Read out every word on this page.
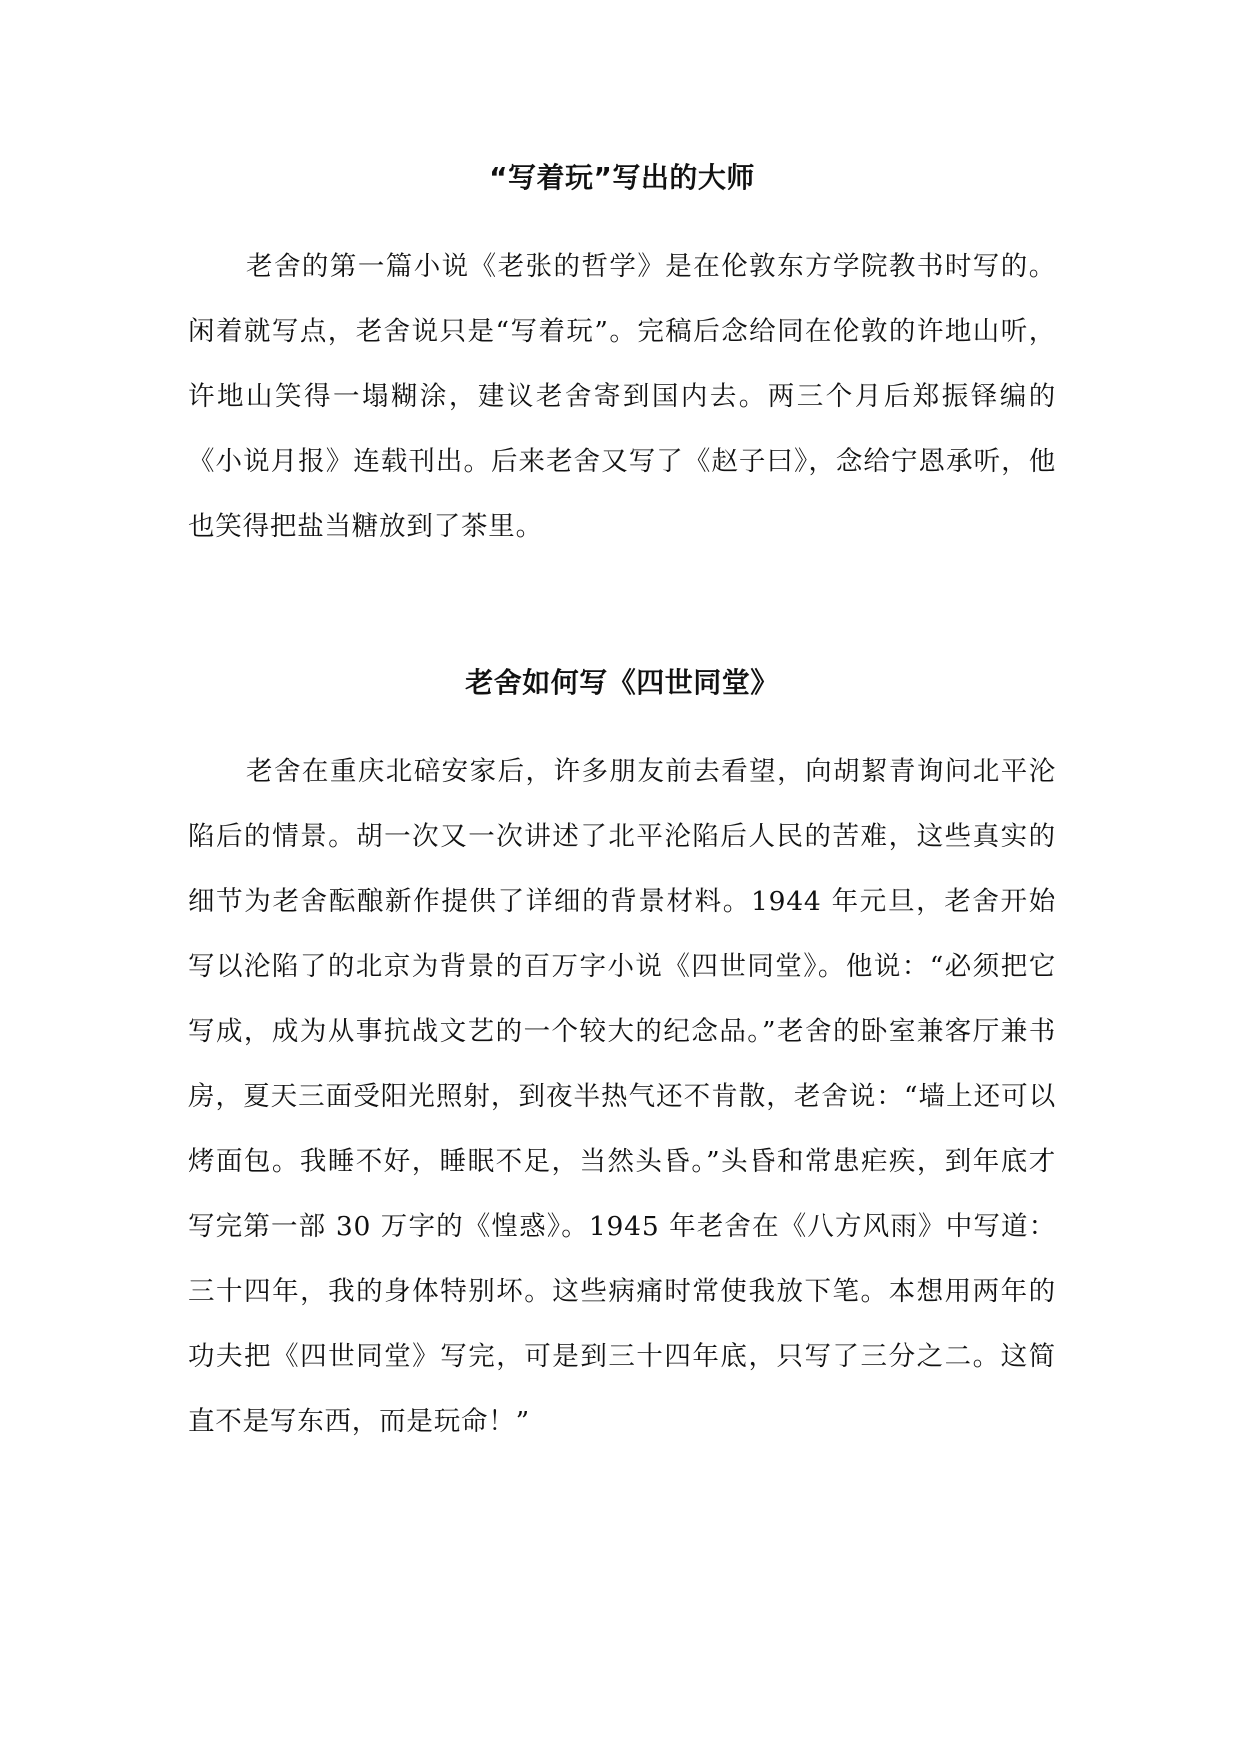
“写着玩”写出的大师

老舍的第一篇小说《老张的哲学》是在伦敦东方学院教书时写的。闲着就写点，老舍说只是“写着玩”。完稿后念给同在伦敦的许地山听，许地山笑得一塌糊涂，建议老舍寄到国内去。两三个月后郑振铎编的《小说月报》连载刊出。后来老舍又写了《赵子曰》，念给宁恩承听，他也笑得把盐当糖放到了茶里。

老舍如何写《四世同堂》

老舍在重庆北碚安家后，许多朋友前去看望，向胡絜青询问北平沦陷后的情景。胡一次又一次讲述了北平沦陷后人民的苦难，这些真实的细节为老舍酝酿新作提供了详细的背景材料。1944 年元旦，老舍开始写以沦陷了的北京为背景的百万字小说《四世同堂》。他说：“必须把它写成，成为从事抗战文艺的一个较大的纪念品。”老舍的卧室兼客厅兼书房，夏天三面受阳光照射，到夜半热气还不肯散，老舍说：“墙上还可以烤面包。我睡不好，睡眠不足，当然头昏。”头昏和常患疟疾，到年底才写完第一部 30 万字的《惶惑》。1945 年老舍在《八方风雨》中写道：三十四年，我的身体特别坏。这些病痛时常使我放下笔。本想用两年的功夫把《四世同堂》写完，可是到三十四年底，只写了三分之二。这简直不是写东西，而是玩命！”
